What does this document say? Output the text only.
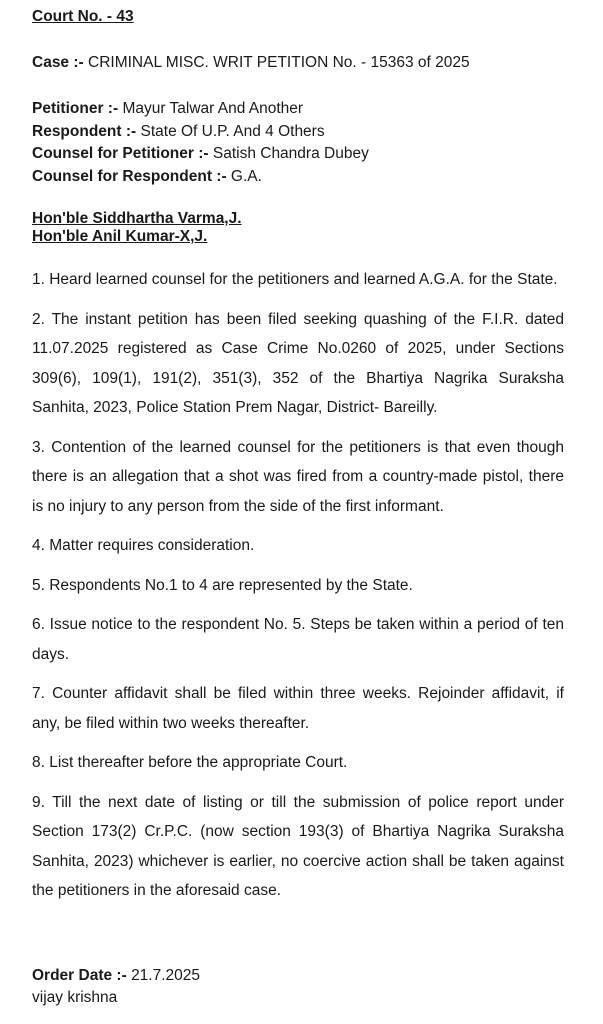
Court No. - 43
Case :- CRIMINAL MISC. WRIT PETITION No. - 15363 of 2025
Petitioner :- Mayur Talwar And Another
Respondent :- State Of U.P. And 4 Others
Counsel for Petitioner :- Satish Chandra Dubey
Counsel for Respondent :- G.A.
Hon'ble Siddhartha Varma,J.
Hon'ble Anil Kumar-X,J.

1. Heard learned counsel for the petitioners and learned A.G.A. for the State.

2. The instant petition has been filed seeking quashing of the F.I.R. dated 11.07.2025 registered as Case Crime No.0260 of 2025, under Sections 309(6), 109(1), 191(2), 351(3), 352 of the Bhartiya Nagrika Suraksha Sanhita, 2023, Police Station Prem Nagar, District- Bareilly.

3. Contention of the learned counsel for the petitioners is that even though there is an allegation that a shot was fired from a country-made pistol, there is no injury to any person from the side of the first informant.

4. Matter requires consideration.

5. Respondents No.1 to 4 are represented by the State.

6. Issue notice to the respondent No. 5. Steps be taken within a period of ten days.

7. Counter affidavit shall be filed within three weeks. Rejoinder affidavit, if any, be filed within two weeks thereafter.

8. List thereafter before the appropriate Court.

9. Till the next date of listing or till the submission of police report under Section 173(2) Cr.P.C. (now section 193(3) of Bhartiya Nagrika Suraksha Sanhita, 2023) whichever is earlier, no coercive action shall be taken against the petitioners in the aforesaid case.

Order Date :- 21.7.2025
vijay krishna
